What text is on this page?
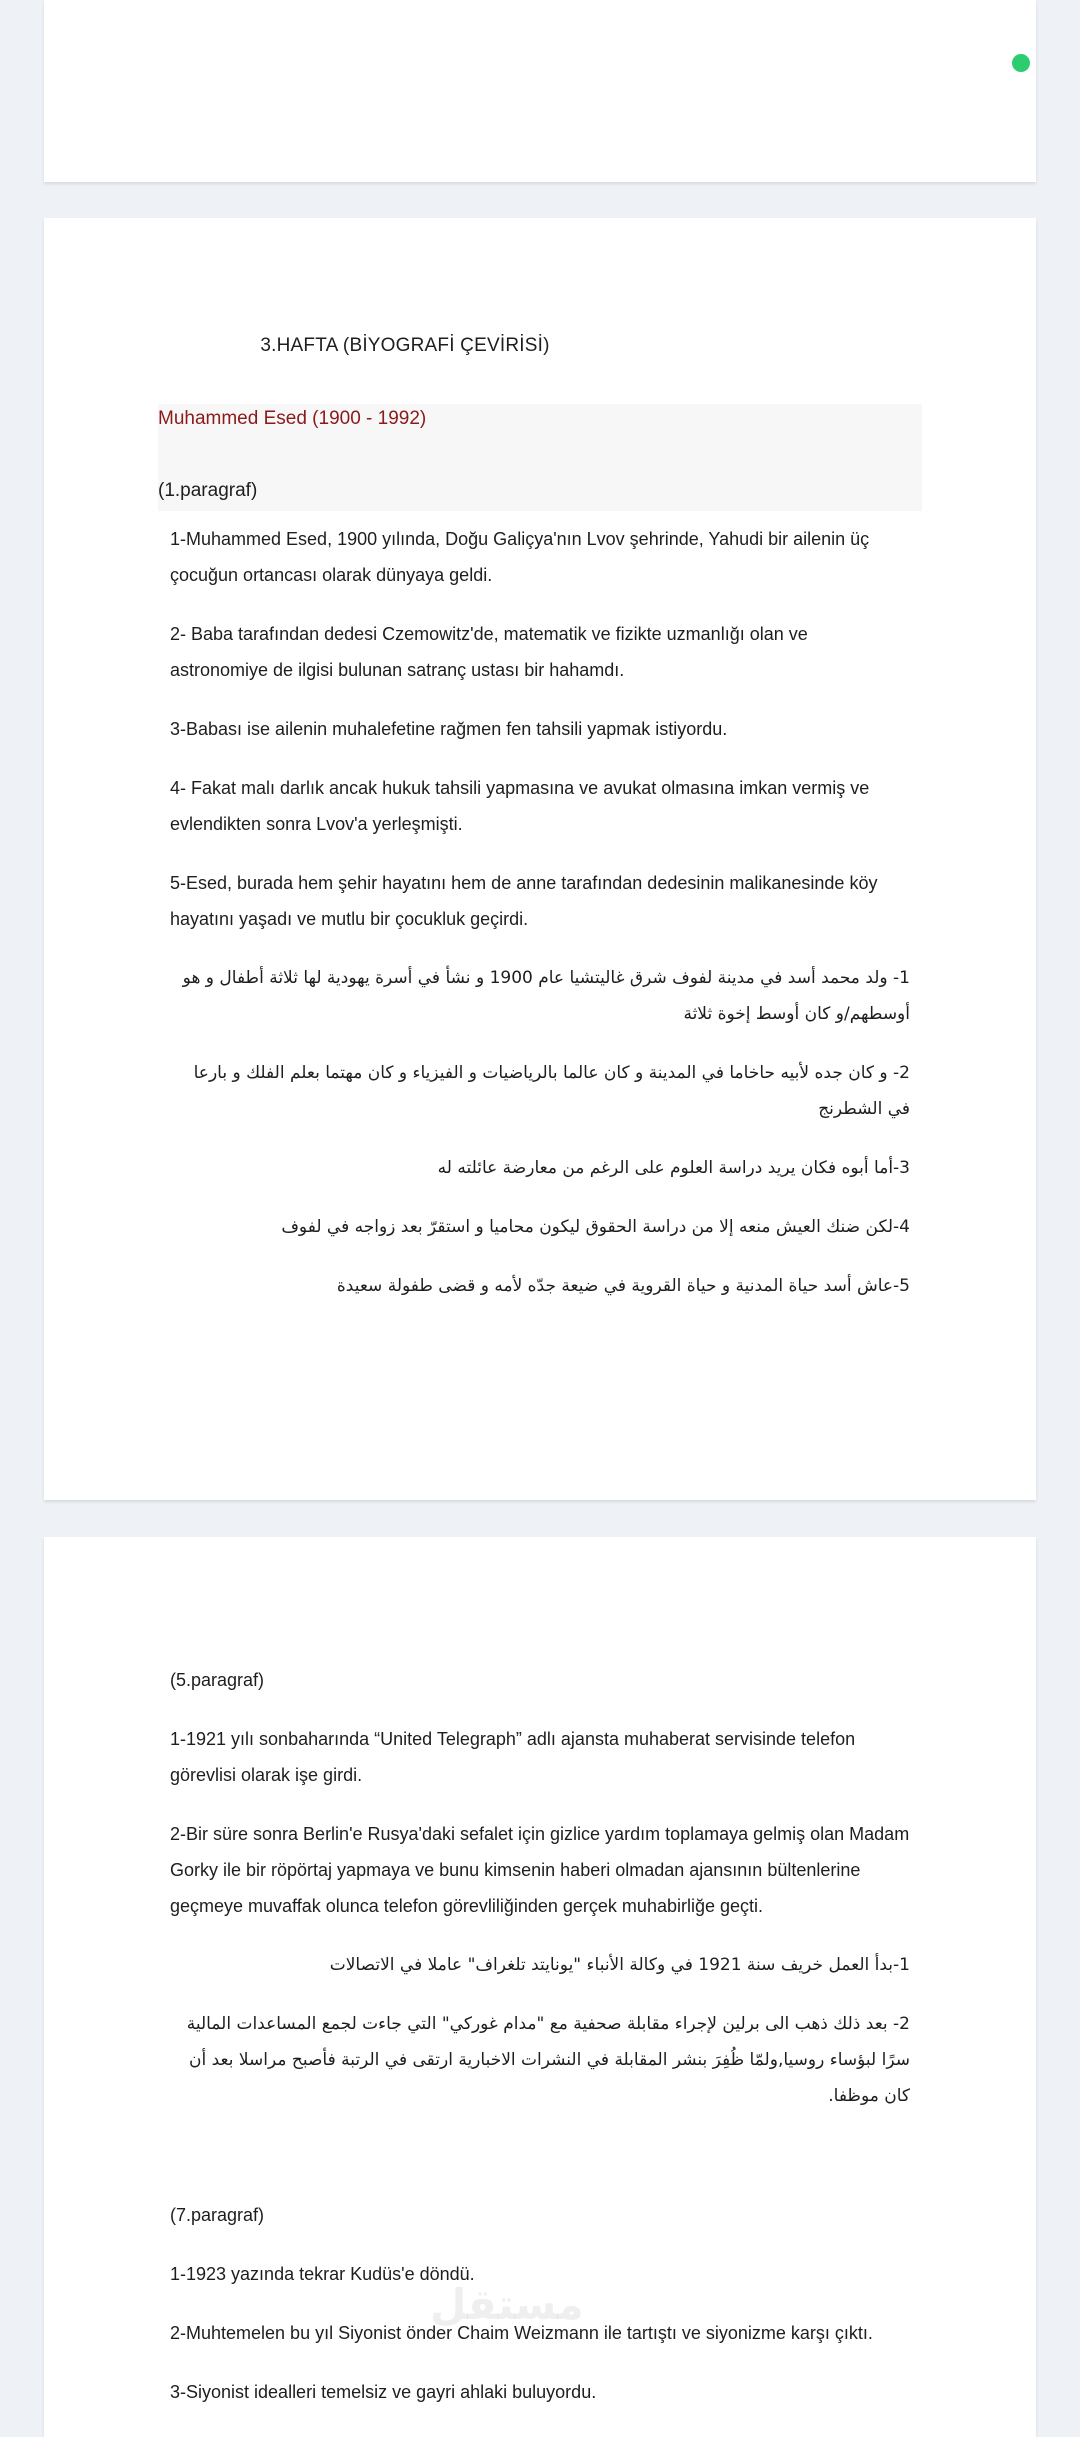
3.HAFTA (BİYOGRAFİ ÇEVİRİSİ)
Muhammed Esed (1900 - 1992)
(1.paragraf)

1-Muhammed Esed, 1900 yılında, Doğu Galiçya'nın Lvov şehrinde, Yahudi bir ailenin üç çocuğun ortancası olarak dünyaya geldi.

2- Baba tarafından dedesi Czemowitz'de, matematik ve fizikte uzmanlığı olan ve astronomiye de ilgisi bulunan satranç ustası bir hahamdı.

3-Babası ise ailenin muhalefetine rağmen fen tahsili yapmak istiyordu.

4- Fakat malı darlık ancak hukuk tahsili yapmasına ve avukat olmasına imkan vermiş ve evlendikten sonra Lvov'a yerleşmişti.

5-Esed, burada hem şehir hayatını hem de anne tarafından dedesinin malikanesinde köy hayatını yaşadı ve mutlu bir çocukluk geçirdi.

1- ولد محمد أسد في مدينة لفوف شرق غاليتشيا عام 1900 و نشأ في أسرة يهودية لها ثلاثة أطفال و هو أوسطهم/و كان أوسط إخوة ثلاثة

2- و كان جده لأبيه حاخاما في المدينة و كان عالما بالرياضيات و الفيزياء و كان مهتما بعلم الفلك و بارعا في الشطرنج

3-أما أبوه فكان يريد دراسة العلوم على الرغم من معارضة عائلته له

4-لكن ضنك العيش منعه إلا من دراسة الحقوق ليكون محاميا و استقرّ بعد زواجه في لفوف

5-عاش أسد حياة المدنية و حياة القروية في ضيعة جدّه لأمه و قضى طفولة سعيدة

(5.paragraf)

1-1921 yılı sonbaharında “United Telegraph” adlı ajansta muhaberat servisinde telefon görevlisi olarak işe girdi.

2-Bir süre sonra Berlin'e Rusya'daki sefalet için gizlice yardım toplamaya gelmiş olan Madam Gorky ile bir röpörtaj yapmaya ve bunu kimsenin haberi olmadan ajansının bültenlerine geçmeye muvaffak olunca telefon görevliliğinden gerçek muhabirliğe geçti.

1-بدأ العمل خريف سنة 1921 في وكالة الأنباء "يونايتد تلغراف" عاملا في الاتصالات

2- بعد ذلك ذهب الى برلين لإجراء مقابلة صحفية مع "مدام غوركي" التي جاءت لجمع المساعدات المالية سرًا لبؤساء روسيا,ولمّا ظُفِرَ بنشر المقابلة في النشرات الاخبارية ارتقى في الرتبة فأصبح مراسلا بعد أن كان موظفا.

(7.paragraf)

1-1923 yazında tekrar Kudüs'e döndü.

2-Muhtemelen bu yıl Siyonist önder Chaim Weizmann ile tartıştı ve siyonizme karşı çıktı.

3-Siyonist idealleri temelsiz ve gayri ahlaki buluyordu.

مستقل
